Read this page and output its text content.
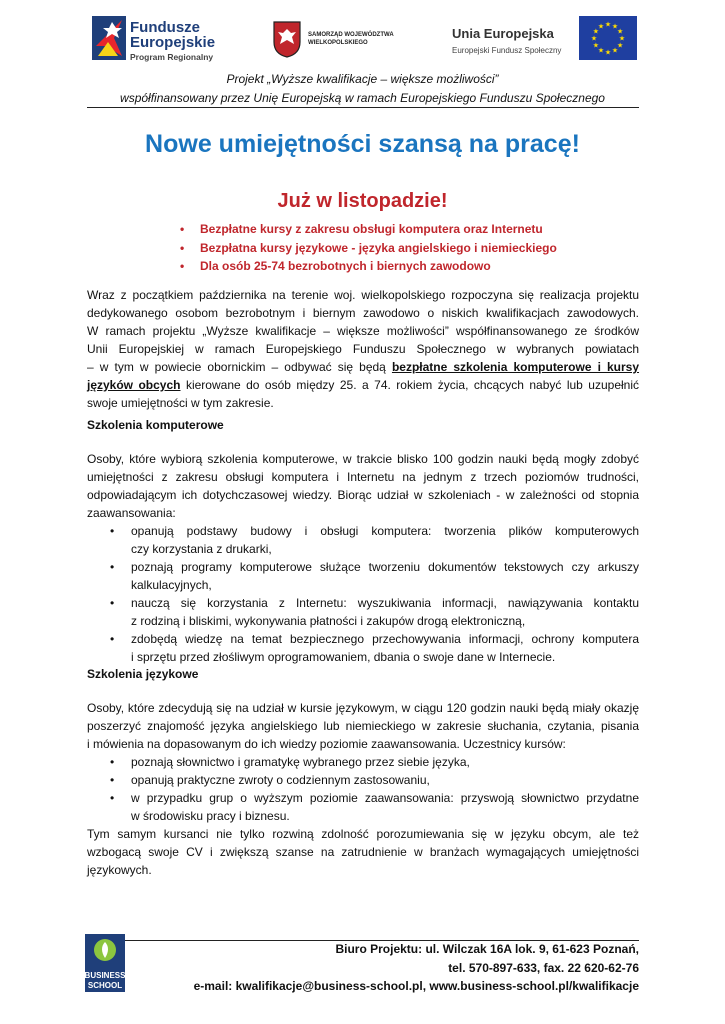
Fundusze
Europejskie
Program Regionalny
SAMORZĄD WOJEWÓDZTWA
WIELKOPOLSKIEGO
Unia Europejska
Europejski Fundusz Społeczny
★ ★
★
★
★
★
★
★
★
★
★
★
Projekt „Wyższe kwalifikacje – większe możliwości”
współfinansowany przez Unię Europejską w ramach Europejskiego Funduszu Społecznego
Nowe umiejętności szansą na pracę!
Już w listopadzie!
• Bezpłatne kursy z zakresu obsługi komputera oraz Internetu
• Bezpłatna kursy językowe - języka angielskiego i niemieckiego
• Dla osób 25-74 bezrobotnych i biernych zawodowo
Wraz z początkiem października na terenie woj. wielkopolskiego rozpoczyna się realizacja projektu
dedykowanego osobom bezrobotnym i biernym zawodowo o niskich kwalifikacjach zawodowych.
W ramach projektu „Wyższe kwalifikacje – większe możliwości” współfinansowanego ze środków
Unii Europejskiej w ramach Europejskiego Funduszu Społecznego w wybranych powiatach
– w tym w powiecie obornickim – odbywać się będą bezpłatne szkolenia komputerowe i kursy
języków obcych kierowane do osób między 25. a 74. rokiem życia, chcących nabyć lub uzupełnić
swoje umiejętności w tym zakresie.
Szkolenia komputerowe
Osoby, które wybiorą szkolenia komputerowe, w trakcie blisko 100 godzin nauki będą mogły zdobyć
umiejętności z zakresu obsługi komputera i Internetu na jednym z trzech poziomów trudności,
odpowiadającym ich dotychczasowej wiedzy. Biorąc udział w szkoleniach - w zależności od stopnia
zaawansowania:
• opanują podstawy budowy i obsługi komputera: tworzenia plików komputerowych
czy korzystania z drukarki,
• poznają programy komputerowe służące tworzeniu dokumentów tekstowych czy arkuszy
kalkulacyjnych,
• nauczą się korzystania z Internetu: wyszukiwania informacji, nawiązywania kontaktu
z rodziną i bliskimi, wykonywania płatności i zakupów drogą elektroniczną,
• zdobędą wiedzę na temat bezpiecznego przechowywania informacji, ochrony komputera
i sprzętu przed złośliwym oprogramowaniem, dbania o swoje dane w Internecie.
Szkolenia językowe
Osoby, które zdecydują się na udział w kursie językowym, w ciągu 120 godzin nauki będą miały okazję
poszerzyć znajomość języka angielskiego lub niemieckiego w zakresie słuchania, czytania, pisania
i mówienia na dopasowanym do ich wiedzy poziomie zaawansowania. Uczestnicy kursów:
• poznają słownictwo i gramatykę wybranego przez siebie języka,
• opanują praktyczne zwroty o codziennym zastosowaniu,
• w przypadku grup o wyższym poziomie zaawansowania: przyswoją słownictwo przydatne
w środowisku pracy i biznesu.
Tym samym kursanci nie tylko rozwiną zdolność porozumiewania się w języku obcym, ale też
wzbogacą swoje CV i zwiększą szanse na zatrudnienie w branżach wymagających umiejętności
językowych.
BUSINESS
SCHOOL
Biuro Projektu: ul. Wilczak 16A lok. 9, 61-623 Poznań,
tel. 570-897-633, fax. 22 620-62-76
e-mail: kwalifikacje@business-school.pl, www.business-school.pl/kwalifikacje
